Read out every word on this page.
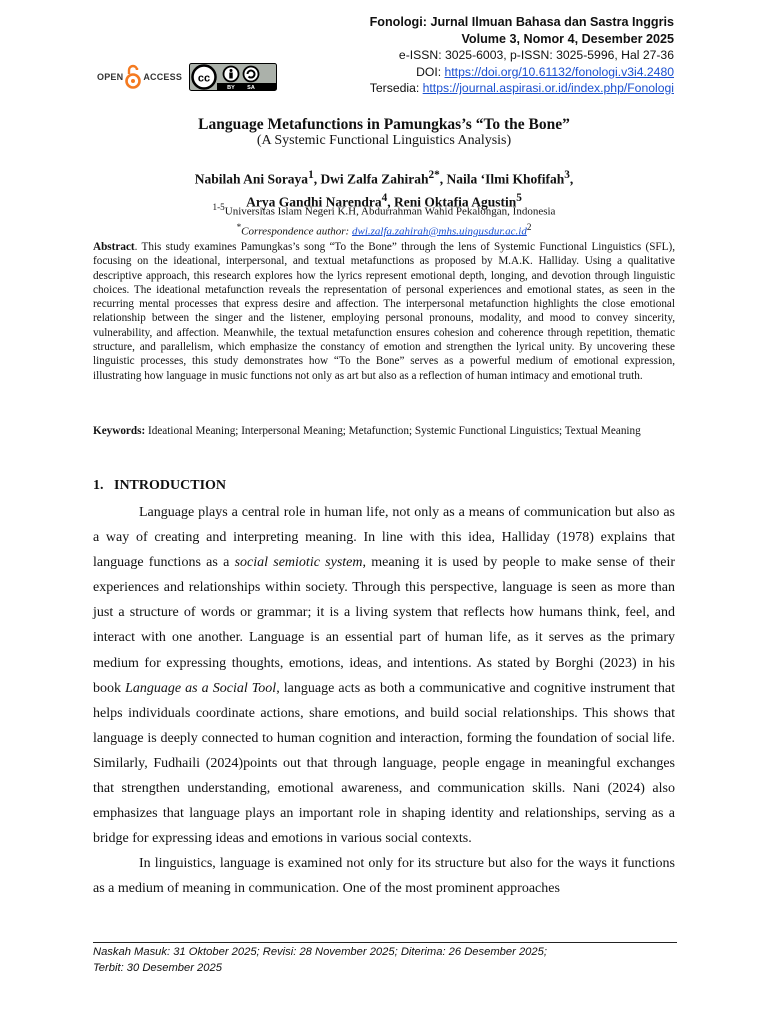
Fonologi: Jurnal Ilmuan Bahasa dan Sastra Inggris
Volume 3, Nomor 4, Desember 2025
e-ISSN: 3025-6003, p-ISSN: 3025-5996, Hal 27-36
DOI: https://doi.org/10.61132/fonologi.v3i4.2480
Tersedia: https://journal.aspirasi.or.id/index.php/Fonologi
OPEN ACCESS cc
BY SA
Language Metafunctions in Pamungkas’s “To the Bone”
(A Systemic Functional Linguistics Analysis)
Nabilah Ani Soraya$^1$, Dwi Zalfa Zahirah$^{2*}$, Naila ‘Ilmi Khofifah$^3$,
Arya Gandhi Narendra$^4$, Reni Oktafia Agustin$^5$
$^{1-5}$Universitas Islam Negeri K.H, Abdurrahman Wahid Pekalongan, Indonesia
*Correspondence author: $dwi.zalfa.zahirah@mhs.uingusdur.ac.id^2$
Abstract. This study examines Pamungkas’s song “To the Bone” through the lens of Systemic Functional Linguistics (SFL), focusing on the ideational, interpersonal, and textual metafunctions as proposed by M.A.K. Halliday. Using a qualitative descriptive approach, this research explores how the lyrics represent emotional depth, longing, and devotion through linguistic choices. The ideational metafunction reveals the representation of personal experiences and emotional states, as seen in the recurring mental processes that express desire and affection. The interpersonal metafunction highlights the close emotional relationship between the singer and the listener, employing personal pronouns, modality, and mood to convey sincerity, vulnerability, and affection. Meanwhile, the textual metafunction ensures cohesion and coherence through repetition, thematic structure, and parallelism, which emphasize the constancy of emotion and strengthen the lyrical unity. By uncovering these linguistic processes, this study demonstrates how “To the Bone” serves as a powerful medium of emotional expression, illustrating how language in music functions not only as art but also as a reflection of human intimacy and emotional truth.
Keywords: Ideational Meaning; Interpersonal Meaning; Metafunction; Systemic Functional Linguistics; Textual Meaning
1. INTRODUCTION

Language plays a central role in human life, not only as a means of communication but also as a way of creating and interpreting meaning. In line with this idea, Halliday (1978) explains that language functions as a social semiotic system, meaning it is used by people to make sense of their experiences and relationships within society. Through this perspective, language is seen as more than just a structure of words or grammar; it is a living system that reflects how humans think, feel, and interact with one another. Language is an essential part of human life, as it serves as the primary medium for expressing thoughts, emotions, ideas, and intentions. As stated by Borghi (2023) in his book Language as a Social Tool, language acts as both a communicative and cognitive instrument that helps individuals coordinate actions, share emotions, and build social relationships. This shows that language is deeply connected to human cognition and interaction, forming the foundation of social life. Similarly, Fudhaili (2024)points out that through language, people engage in meaningful exchanges that strengthen understanding, emotional awareness, and communication skills. Nani (2024) also emphasizes that language plays an important role in shaping identity and relationships, serving as a bridge for expressing ideas and emotions in various social contexts.

In linguistics, language is examined not only for its structure but also for the ways it functions as a medium of meaning in communication. One of the most prominent approaches

Naskah Masuk: 31 Oktober 2025; Revisi: 28 November 2025; Diterima: 26 Desember 2025;
Terbit: 30 Desember 2025
